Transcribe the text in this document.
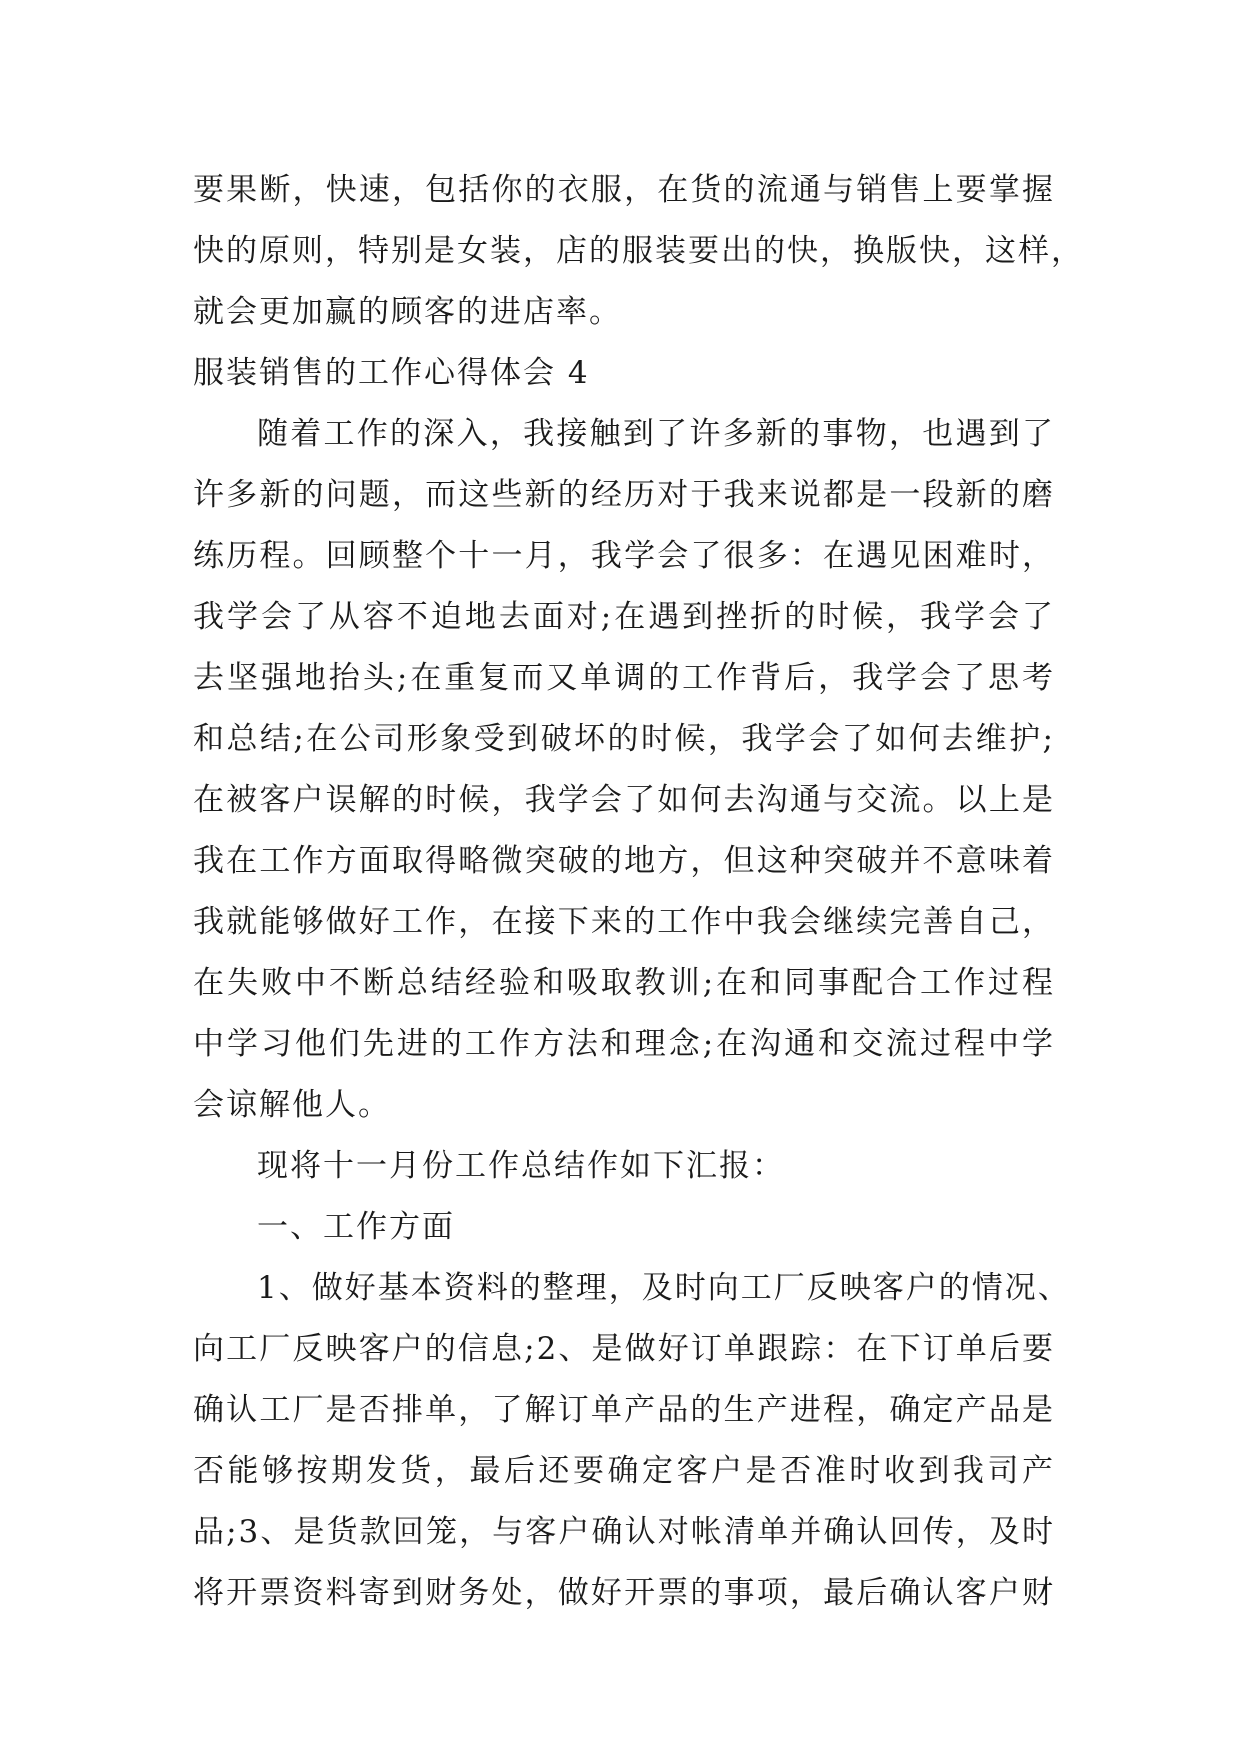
要果断，快速，包括你的衣服，在货的流通与销售上要掌握
快的原则，特别是女装，店的服装要出的快，换版快，这样，
就会更加赢的顾客的进店率。
服装销售的工作心得体会 4
随着工作的深入，我接触到了许多新的事物，也遇到了
许多新的问题，而这些新的经历对于我来说都是一段新的磨
练历程。回顾整个十一月，我学会了很多：在遇见困难时，
我学会了从容不迫地去面对;在遇到挫折的时候，我学会了
去坚强地抬头;在重复而又单调的工作背后，我学会了思考
和总结;在公司形象受到破坏的时候，我学会了如何去维护;
在被客户误解的时候，我学会了如何去沟通与交流。以上是
我在工作方面取得略微突破的地方，但这种突破并不意味着
我就能够做好工作，在接下来的工作中我会继续完善自己，
在失败中不断总结经验和吸取教训;在和同事配合工作过程
中学习他们先进的工作方法和理念;在沟通和交流过程中学
会谅解他人。
现将十一月份工作总结作如下汇报：
一、工作方面
1、做好基本资料的整理，及时向工厂反映客户的情况、
向工厂反映客户的信息;2、是做好订单跟踪：在下订单后要
确认工厂是否排单，了解订单产品的生产进程，确定产品是
否能够按期发货，最后还要确定客户是否准时收到我司产
品;3、是货款回笼，与客户确认对帐清单并确认回传，及时
将开票资料寄到财务处，做好开票的事项，最后确认客户财
